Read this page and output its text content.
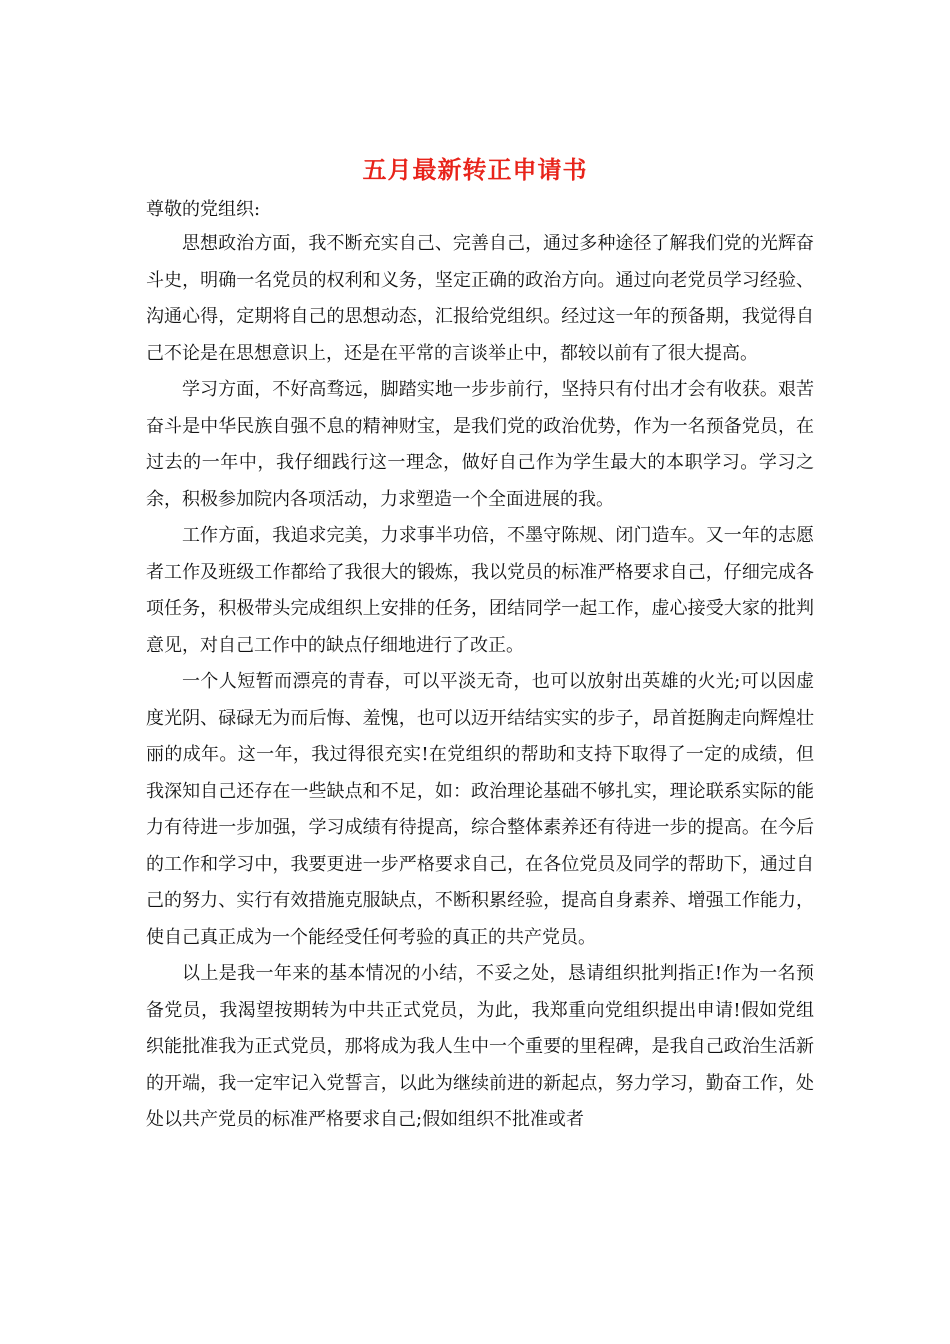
五月最新转正申请书

尊敬的党组织:

思想政治方面，我不断充实自己、完善自己，通过多种途径了解我们党的光辉奋斗史，明确一名党员的权利和义务，坚定正确的政治方向。通过向老党员学习经验、沟通心得，定期将自己的思想动态，汇报给党组织。经过这一年的预备期，我觉得自己不论是在思想意识上，还是在平常的言谈举止中，都较以前有了很大提高。

学习方面，不好高骛远，脚踏实地一步步前行，坚持只有付出才会有收获。艰苦奋斗是中华民族自强不息的精神财宝，是我们党的政治优势，作为一名预备党员，在过去的一年中，我仔细践行这一理念，做好自己作为学生最大的本职学习。学习之余，积极参加院内各项活动，力求塑造一个全面进展的我。

工作方面，我追求完美，力求事半功倍，不墨守陈规、闭门造车。又一年的志愿者工作及班级工作都给了我很大的锻炼，我以党员的标准严格要求自己，仔细完成各项任务，积极带头完成组织上安排的任务，团结同学一起工作，虚心接受大家的批判意见，对自己工作中的缺点仔细地进行了改正。

一个人短暂而漂亮的青春，可以平淡无奇，也可以放射出英雄的火光;可以因虚度光阴、碌碌无为而后悔、羞愧，也可以迈开结结实实的步子，昂首挺胸走向辉煌壮丽的成年。这一年，我过得很充实!在党组织的帮助和支持下取得了一定的成绩，但我深知自己还存在一些缺点和不足，如：政治理论基础不够扎实，理论联系实际的能力有待进一步加强，学习成绩有待提高，综合整体素养还有待进一步的提高。在今后的工作和学习中，我要更进一步严格要求自己，在各位党员及同学的帮助下，通过自己的努力、实行有效措施克服缺点，不断积累经验，提高自身素养、增强工作能力，使自己真正成为一个能经受任何考验的真正的共产党员。

以上是我一年来的基本情况的小结，不妥之处，恳请组织批判指正!作为一名预备党员，我渴望按期转为中共正式党员，为此，我郑重向党组织提出申请!假如党组织能批准我为正式党员，那将成为我人生中一个重要的里程碑，是我自己政治生活新的开端，我一定牢记入党誓言，以此为继续前进的新起点，努力学习，勤奋工作，处处以共产党员的标准严格要求自己;假如组织不批准或者
